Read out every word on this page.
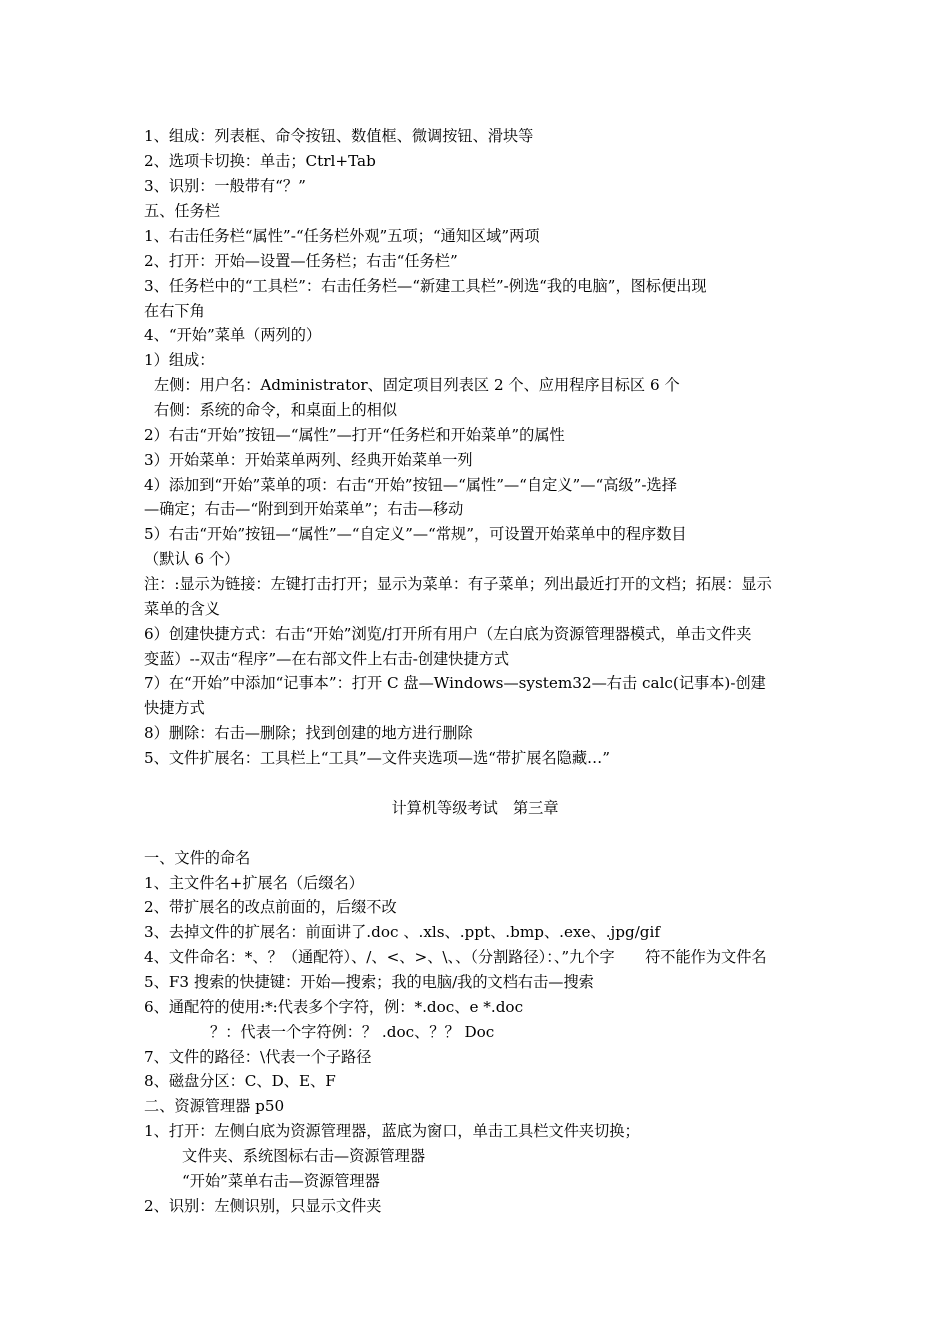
1、组成：列表框、命令按钮、数值框、微调按钮、滑块等
2、选项卡切换：单击；Ctrl+Tab
3、识别：一般带有“？”
五、任务栏
1、右击任务栏“属性”-“任务栏外观”五项；“通知区域”两项
2、打开：开始—设置—任务栏；右击“任务栏”
3、任务栏中的“工具栏”：右击任务栏—“新建工具栏”-例选“我的电脑”，图标便出现
在右下角
4、“开始”菜单（两列的）
1）组成：
左侧：用户名：Administrator、固定项目列表区 2 个、应用程序目标区 6 个
右侧：系统的命令，和桌面上的相似
2）右击“开始”按钮—“属性”—打开“任务栏和开始菜单”的属性
3）开始菜单：开始菜单两列、经典开始菜单一列
4）添加到“开始”菜单的项：右击“开始”按钮—“属性”—“自定义”—“高级”-选择
—确定；右击—“附到到开始菜单”；右击—移动
5）右击“开始”按钮—“属性”—“自定义”—“常规”，可设置开始菜单中的程序数目
（默认 6 个）
注：:显示为链接：左键打击打开；显示为菜单：有子菜单；列出最近打开的文档；拓展：显示
菜单的含义
6）创建快捷方式：右击“开始”浏览/打开所有用户（左白底为资源管理器模式，单击文件夹
变蓝）--双击“程序”—在右部文件上右击-创建快捷方式
7）在“开始”中添加“记事本”：打开 C 盘—Windows—system32—右击 calc(记事本)-创建
快捷方式
8）删除：右击—删除；找到创建的地方进行删除
5、文件扩展名：工具栏上“工具”—文件夹选项—选“带扩展名隐藏…”
计算机等级考试　第三章
一、文件的命名
1、主文件名+扩展名（后缀名）
2、带扩展名的改点前面的，后缀不改
3、去掉文件的扩展名：前面讲了.doc 、.xls、.ppt、.bmp、.exe、.jpg/gif
4、文件命名：*、？（通配符）、/、<、>、\、、（分割路径）：、”九个字　　符不能作为文件名
5、F3 搜索的快捷键：开始—搜索；我的电脑/我的文档右击—搜索
6、通配符的使用:*:代表多个字符，例：*.doc、e *.doc
？：代表一个字符例：？ .doc、？？ Doc
7、文件的路径：\代表一个子路径
8、磁盘分区：C、D、E、F
二、资源管理器 p50
1、打开：左侧白底为资源管理器，蓝底为窗口，单击工具栏文件夹切换；
文件夹、系统图标右击—资源管理器
“开始”菜单右击—资源管理器
2、识别：左侧识别，只显示文件夹
